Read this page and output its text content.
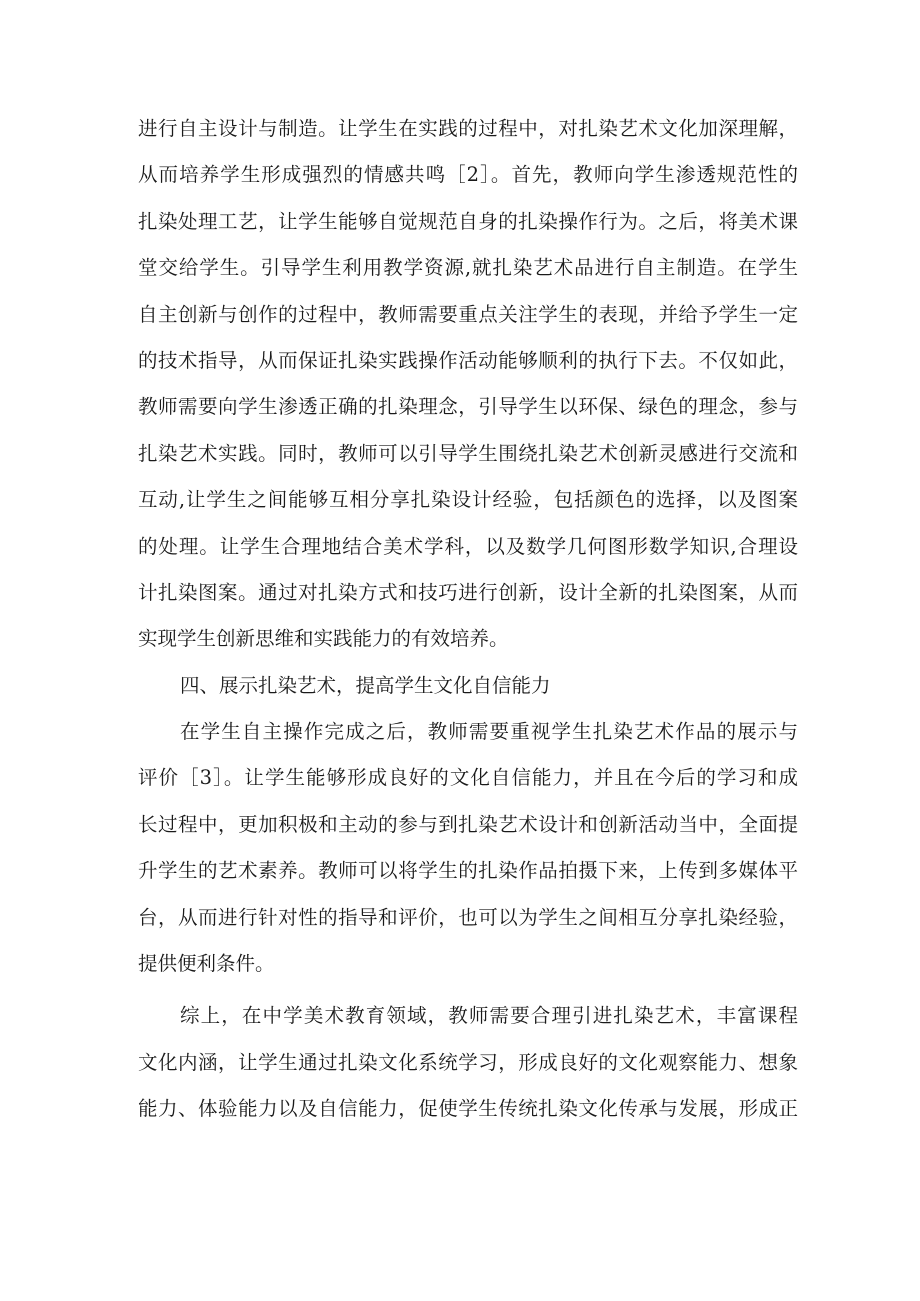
进行自主设计与制造。让学生在实践的过程中，对扎染艺术文化加深理解，
从而培养学生形成强烈的情感共鸣［2］。首先，教师向学生渗透规范性的
扎染处理工艺，让学生能够自觉规范自身的扎染操作行为。之后，将美术课
堂交给学生。引导学生利用教学资源,就扎染艺术品进行自主制造。在学生
自主创新与创作的过程中，教师需要重点关注学生的表现，并给予学生一定
的技术指导，从而保证扎染实践操作活动能够顺利的执行下去。不仅如此，
教师需要向学生渗透正确的扎染理念，引导学生以环保、绿色的理念，参与
扎染艺术实践。同时，教师可以引导学生围绕扎染艺术创新灵感进行交流和
互动,让学生之间能够互相分享扎染设计经验，包括颜色的选择，以及图案
的处理。让学生合理地结合美术学科，以及数学几何图形数学知识,合理设
计扎染图案。通过对扎染方式和技巧进行创新，设计全新的扎染图案，从而
实现学生创新思维和实践能力的有效培养。
四、展示扎染艺术，提高学生文化自信能力
在学生自主操作完成之后，教师需要重视学生扎染艺术作品的展示与
评价［3］。让学生能够形成良好的文化自信能力，并且在今后的学习和成
长过程中，更加积极和主动的参与到扎染艺术设计和创新活动当中，全面提
升学生的艺术素养。教师可以将学生的扎染作品拍摄下来，上传到多媒体平
台，从而进行针对性的指导和评价，也可以为学生之间相互分享扎染经验，
提供便利条件。
综上，在中学美术教育领域，教师需要合理引进扎染艺术，丰富课程
文化内涵，让学生通过扎染文化系统学习，形成良好的文化观察能力、想象
能力、体验能力以及自信能力，促使学生传统扎染文化传承与发展，形成正
